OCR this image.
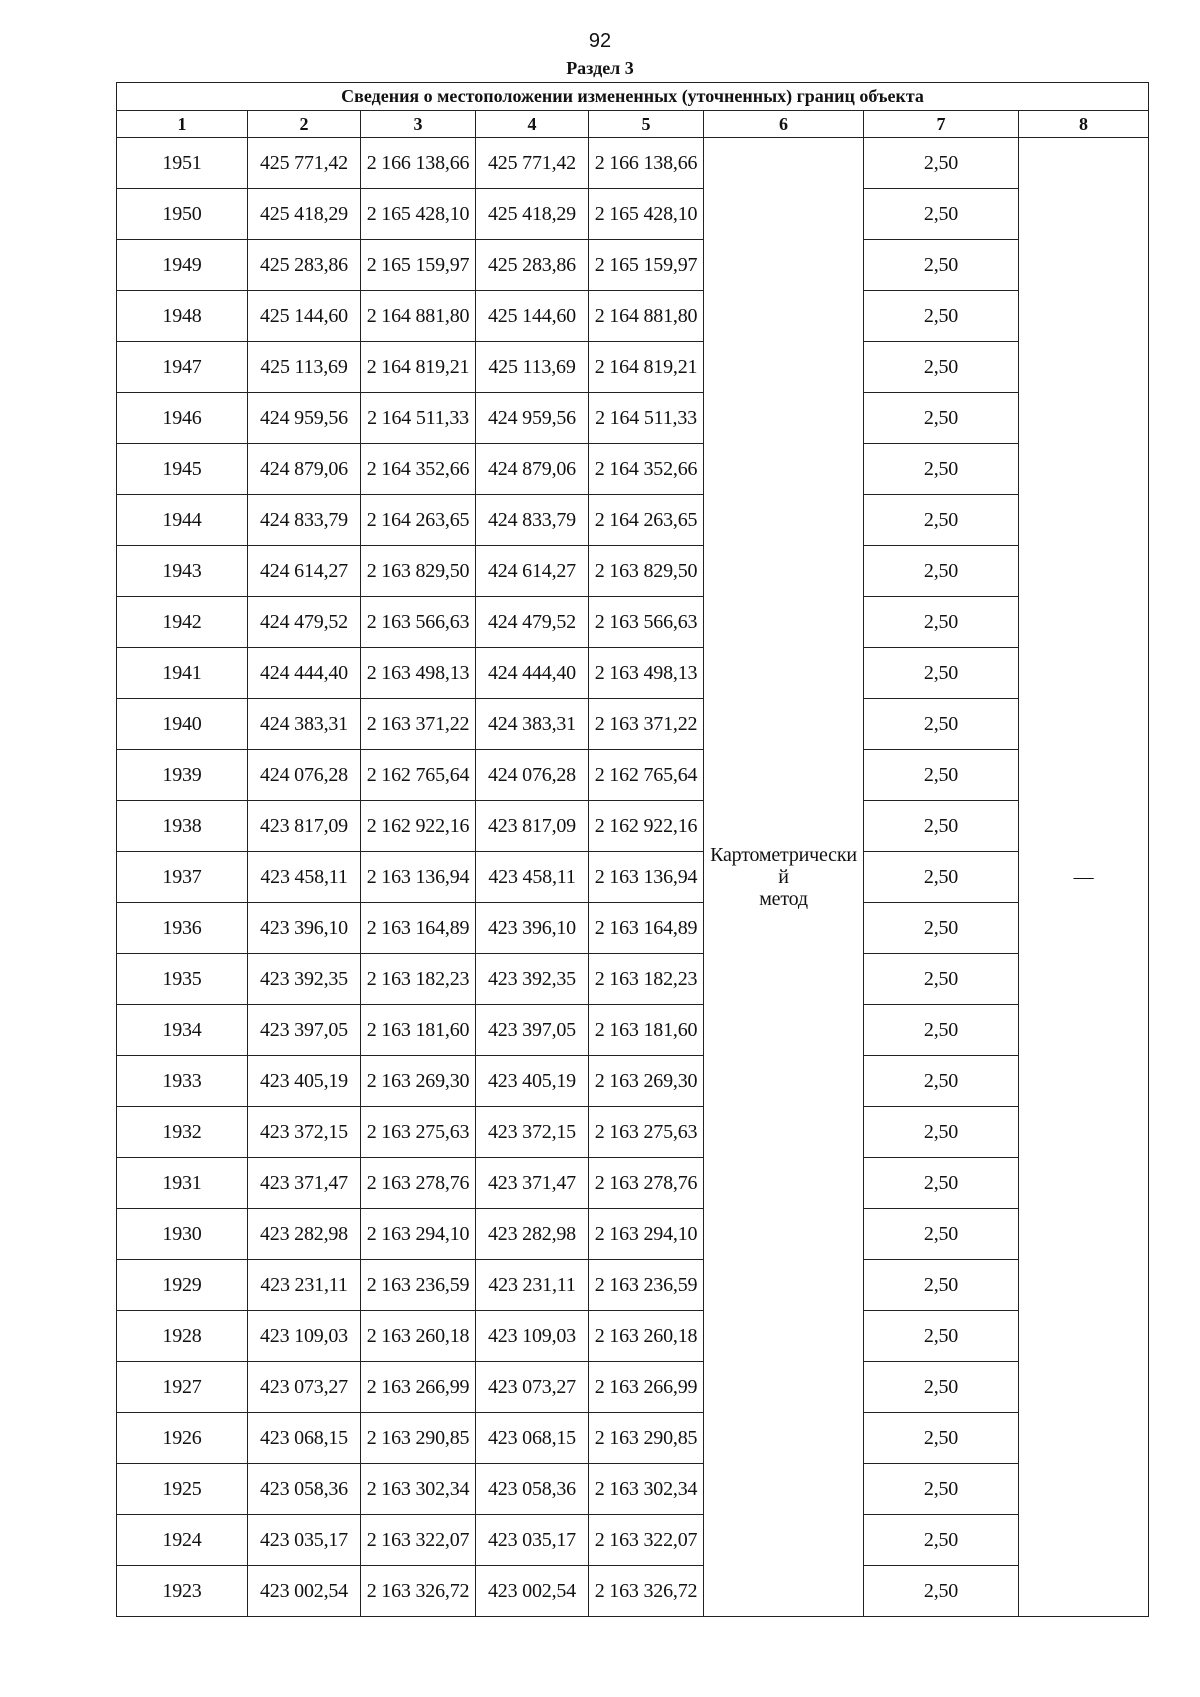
92
Раздел 3
Сведения о местоположении измененных (уточненных) границ объекта							
1	2	3	4	5	6	7	8
1951	425 771,42	2 166 138,66	425 771,42	2 166 138,66	Картометрически
й
метод	2,50	—
1950	425 418,29	2 165 428,10	425 418,29	2 165 428,10		2,50	
1949	425 283,86	2 165 159,97	425 283,86	2 165 159,97		2,50	
1948	425 144,60	2 164 881,80	425 144,60	2 164 881,80		2,50	
1947	425 113,69	2 164 819,21	425 113,69	2 164 819,21		2,50	
1946	424 959,56	2 164 511,33	424 959,56	2 164 511,33		2,50	
1945	424 879,06	2 164 352,66	424 879,06	2 164 352,66		2,50	
1944	424 833,79	2 164 263,65	424 833,79	2 164 263,65		2,50	
1943	424 614,27	2 163 829,50	424 614,27	2 163 829,50		2,50	
1942	424 479,52	2 163 566,63	424 479,52	2 163 566,63		2,50	
1941	424 444,40	2 163 498,13	424 444,40	2 163 498,13		2,50	
1940	424 383,31	2 163 371,22	424 383,31	2 163 371,22		2,50	
1939	424 076,28	2 162 765,64	424 076,28	2 162 765,64		2,50	
1938	423 817,09	2 162 922,16	423 817,09	2 162 922,16		2,50	
1937	423 458,11	2 163 136,94	423 458,11	2 163 136,94		2,50	
1936	423 396,10	2 163 164,89	423 396,10	2 163 164,89		2,50	
1935	423 392,35	2 163 182,23	423 392,35	2 163 182,23		2,50	
1934	423 397,05	2 163 181,60	423 397,05	2 163 181,60		2,50	
1933	423 405,19	2 163 269,30	423 405,19	2 163 269,30		2,50	
1932	423 372,15	2 163 275,63	423 372,15	2 163 275,63		2,50	
1931	423 371,47	2 163 278,76	423 371,47	2 163 278,76		2,50	
1930	423 282,98	2 163 294,10	423 282,98	2 163 294,10		2,50	
1929	423 231,11	2 163 236,59	423 231,11	2 163 236,59		2,50	
1928	423 109,03	2 163 260,18	423 109,03	2 163 260,18		2,50	
1927	423 073,27	2 163 266,99	423 073,27	2 163 266,99		2,50	
1926	423 068,15	2 163 290,85	423 068,15	2 163 290,85		2,50	
1925	423 058,36	2 163 302,34	423 058,36	2 163 302,34		2,50	
1924	423 035,17	2 163 322,07	423 035,17	2 163 322,07		2,50	
1923	423 002,54	2 163 326,72	423 002,54	2 163 326,72		2,50	
